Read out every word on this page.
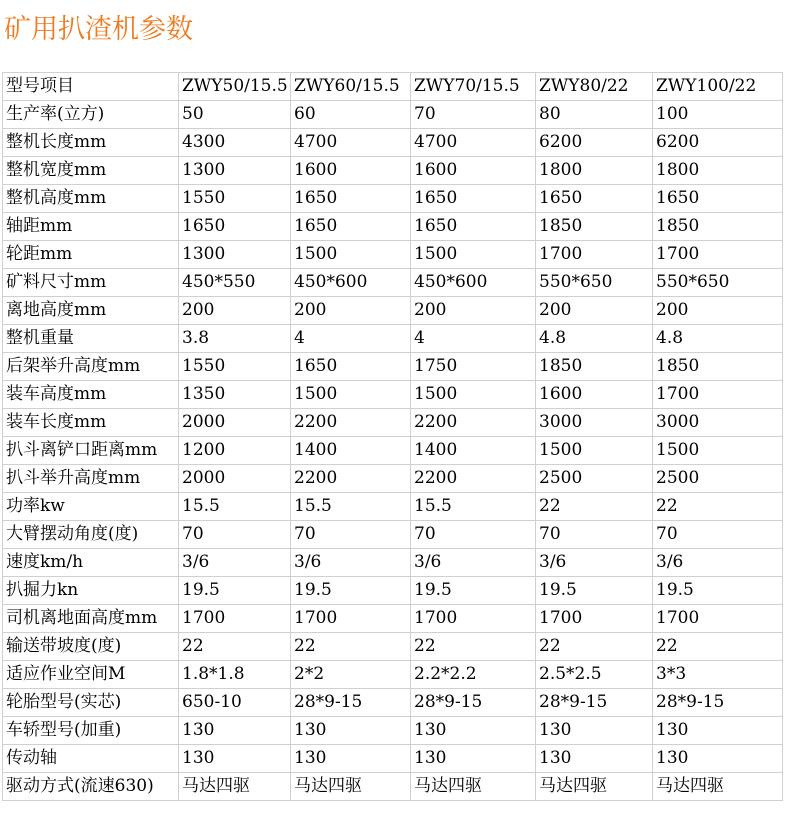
矿用扒渣机参数
型号项目	ZWY50/15.5	ZWY60/15.5	ZWY70/15.5	ZWY80/22	ZWY100/22
生产率(立方)	50	60	70	80	100
整机长度mm	4300	4700	4700	6200	6200
整机宽度mm	1300	1600	1600	1800	1800
整机高度mm	1550	1650	1650	1650	1650
轴距mm	1650	1650	1650	1850	1850
轮距mm	1300	1500	1500	1700	1700
矿料尺寸mm	450*550	450*600	450*600	550*650	550*650
离地高度mm	200	200	200	200	200
整机重量	3.8	4	4	4.8	4.8
后架举升高度mm	1550	1650	1750	1850	1850
装车高度mm	1350	1500	1500	1600	1700
装车长度mm	2000	2200	2200	3000	3000
扒斗离铲口距离mm	1200	1400	1400	1500	1500
扒斗举升高度mm	2000	2200	2200	2500	2500
功率kw	15.5	15.5	15.5	22	22
大臂摆动角度(度)	70	70	70	70	70
速度km/h	3/6	3/6	3/6	3/6	3/6
扒掘力kn	19.5	19.5	19.5	19.5	19.5
司机离地面高度mm	1700	1700	1700	1700	1700
输送带坡度(度)	22	22	22	22	22
适应作业空间M	1.8*1.8	2*2	2.2*2.2	2.5*2.5	3*3
轮胎型号(实芯)	650-10	28*9-15	28*9-15	28*9-15	28*9-15
车轿型号(加重)	130	130	130	130	130
传动轴	130	130	130	130	130
驱动方式(流速630)	马达四驱	马达四驱	马达四驱	马达四驱	马达四驱
